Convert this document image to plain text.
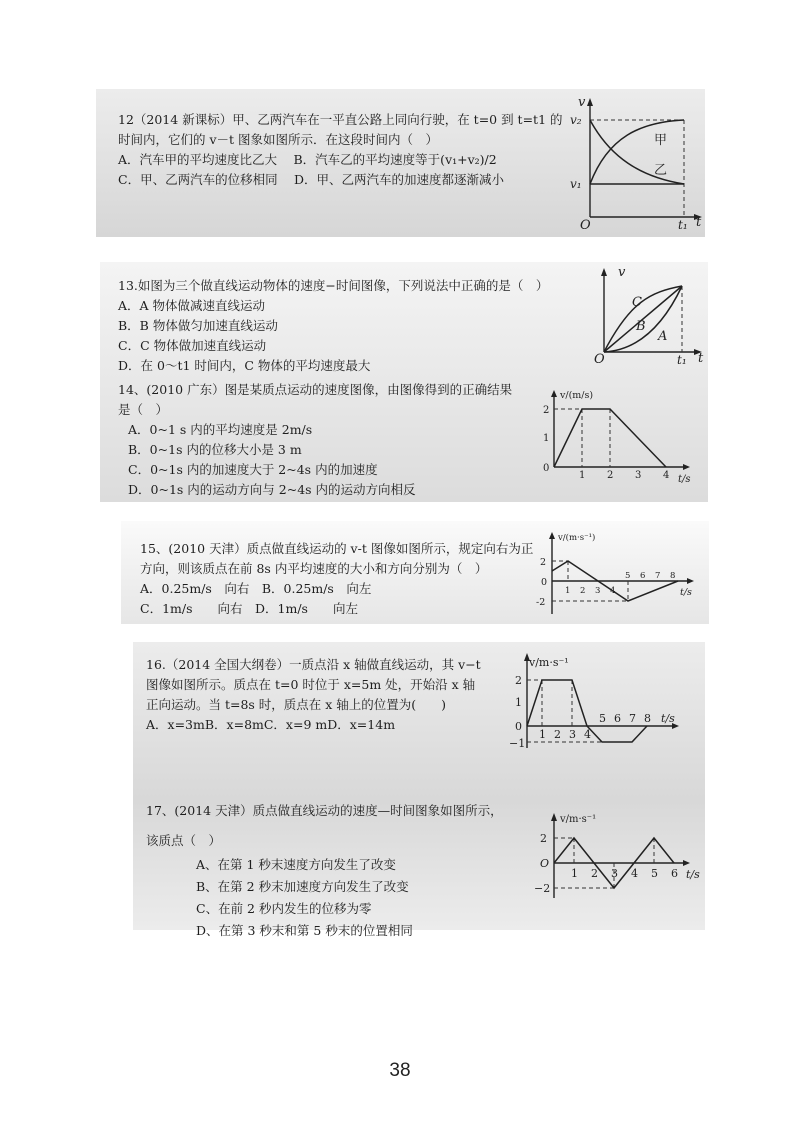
12（2014 新课标）甲、乙两汽车在一平直公路上同向行驶，在 t=0 到 t=t1 的
时间内，它们的 v－t 图象如图所示．在这段时间内（　）
A．汽车甲的平均速度比乙大　 B．汽车乙的平均速度等于(v₁+v₂)/2
C．甲、乙两汽车的位移相同　 D．甲、乙两汽车的加速度都逐渐减小
v
v₂
v₁
O	t₁ t
甲
乙
13.如图为三个做直线运动物体的速度−时间图像，下列说法中正确的是（　）
A．A 物体做减速直线运动
B．B 物体做匀加速直线运动
C．C 物体做加速直线运动
D．在 0～t1 时间内，C 物体的平均速度最大
v
O	t₁ t
C
B
A
14、(2010 广东）图是某质点运动的速度图像，由图像得到的正确结果
是（　）
A．0~1 s 内的平均速度是 2m/s
B．0~1s 内的位移大小是 3 m
C．0~1s 内的加速度大于 2~4s 内的加速度
D．0~1s 内的运动方向与 2~4s 内的运动方向相反
v/(m/s)
2
1
0
1 2 3 4 t/s
15、(2010 天津）质点做直线运动的 v-t 图像如图所示，规定向右为正
方向，则该质点在前 8s 内平均速度的大小和方向分别为（　）
A．0.25m/s　向右　B．0.25m/s　向左
C．1m/s　　向右　D．1m/s　　向左
v/(m·s⁻¹)
2
0
-2
1 2 3 4
5 6 7 8
t/s
16.（2014 全国大纲卷）一质点沿 x 轴做直线运动，其 v−t
图像如图所示。质点在 t=0 时位于 x=5m 处，开始沿 x 轴
正向运动。当 t=8s 时，质点在 x 轴上的位置为(　　)
A．x=3mB．x=8mC．x=9 mD．x=14m
v/m·s⁻¹
2
1
0
−1
1 2 3 4
5 6 7 8 t/s
17、(2014 天津）质点做直线运动的速度—时间图象如图所示，
该质点（　）
A、在第 1 秒末速度方向发生了改变
B、在第 2 秒末加速度方向发生了改变
C、在前 2 秒内发生的位移为零
D、在第 3 秒末和第 5 秒末的位置相同
v/m·s⁻¹
2
O
−2
1 2 3 4 5 6 t/s
38
